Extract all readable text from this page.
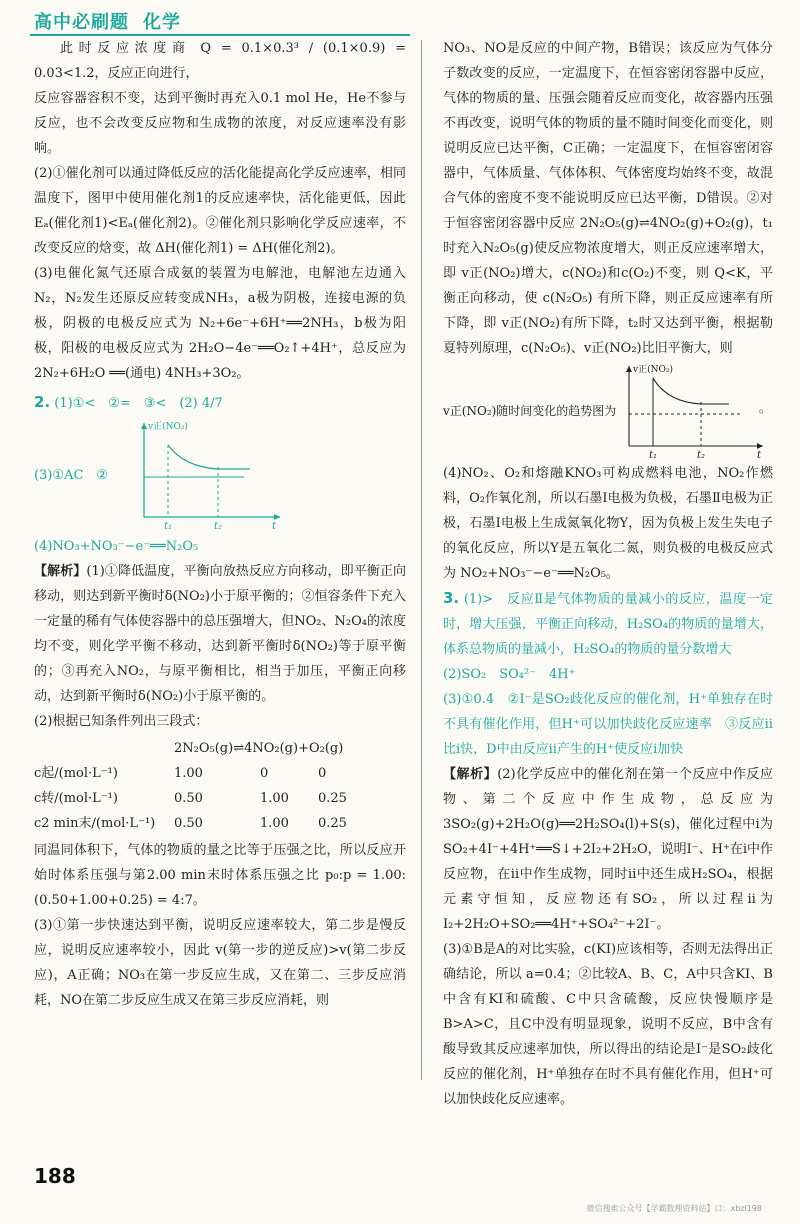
高中必刷题 化学

此时反应浓度商 Q = 0.1×0.3³ / (0.1×0.9) = 0.03<1.2，反应正向进行，

反应容器容积不变，达到平衡时再充入0.1 mol He，He不参与反应，也不会改变反应物和生成物的浓度，对反应速率没有影响。

(2)①催化剂可以通过降低反应的活化能提高化学反应速率，相同温度下，图甲中使用催化剂1的反应速率快，活化能更低，因此 Eₐ(催化剂1)<Eₐ(催化剂2)。②催化剂只影响化学反应速率，不改变反应的焓变，故 ΔH(催化剂1) = ΔH(催化剂2)。

(3)电催化氮气还原合成氨的装置为电解池，电解池左边通入N₂，N₂发生还原反应转变成NH₃，a极为阴极，连接电源的负极，阴极的电极反应式为 N₂+6e⁻+6H⁺══2NH₃，b极为阳极，阳极的电极反应式为 2H₂O−4e⁻══O₂↑+4H⁺，总反应为 2N₂+6H₂O ══(通电) 4NH₃+3O₂。

2. (1)①<　②=　③<　(2) 4/7

(3)①AC　②
v正(NO₂)
t
t₁	t₂

(4)NO₃+NO₃⁻−e⁻══N₂O₅

【解析】(1)①降低温度，平衡向放热反应方向移动，即平衡正向移动，则达到新平衡时δ(NO₂)小于原平衡的；②恒容条件下充入一定量的稀有气体使容器中的总压强增大，但NO₂、N₂O₄的浓度均不变，则化学平衡不移动，达到新平衡时δ(NO₂)等于原平衡的；③再充入NO₂，与原平衡相比，相当于加压，平衡正向移动，达到新平衡时δ(NO₂)小于原平衡的。

(2)根据已知条件列出三段式：

	2N₂O₅(g)⇌4NO₂(g)+O₂(g)		
c起/(mol·L⁻¹)	1.00	0	0
c转/(mol·L⁻¹)	0.50	1.00	0.25
c2 min末/(mol·L⁻¹)	0.50	1.00	0.25

同温同体积下，气体的物质的量之比等于压强之比，所以反应开始时体系压强与第2.00 min末时体系压强之比 p₀:p = 1.00:(0.50+1.00+0.25) = 4:7。

(3)①第一步快速达到平衡，说明反应速率较大，第二步是慢反应，说明反应速率较小，因此 v(第一步的逆反应)>v(第二步反应)，A正确；NO₃在第一步反应生成，又在第二、三步反应消耗，NO在第二步反应生成又在第三步反应消耗，则

NO₃、NO是反应的中间产物，B错误；该反应为气体分子数改变的反应，一定温度下，在恒容密闭容器中反应，气体的物质的量、压强会随着反应而变化，故容器内压强不再改变，说明气体的物质的量不随时间变化而变化，则说明反应已达平衡，C正确；一定温度下，在恒容密闭容器中，气体质量、气体体积、气体密度均始终不变，故混合气体的密度不变不能说明反应已达平衡，D错误。②对于恒容密闭容器中反应 2N₂O₅(g)⇌4NO₂(g)+O₂(g)，t₁时充入N₂O₅(g)使反应物浓度增大，则正反应速率增大，即 v正(NO₂)增大，c(NO₂)和c(O₂)不变，则 Q<K，平衡正向移动，使 c(N₂O₅) 有所下降，则正反应速率有所下降，即 v正(NO₂)有所下降，t₂时又达到平衡，根据勒夏特列原理，c(N₂O₅)、v正(NO₂)比旧平衡大，则

v正(NO₂)随时间变化的趋势图为
v正(NO₂)
t
t₁	t₂
。

(4)NO₂、O₂和熔融KNO₃可构成燃料电池，NO₂作燃料，O₂作氧化剂，所以石墨Ⅰ电极为负极，石墨Ⅱ电极为正极，石墨Ⅰ电极上生成氮氧化物Y，因为负极上发生失电子的氧化反应，所以Y是五氧化二氮，则负极的电极反应式为 NO₂+NO₃⁻−e⁻══N₂O₅。

3. (1)>　反应Ⅱ是气体物质的量减小的反应，温度一定时，增大压强，平衡正向移动，H₂SO₄的物质的量增大，体系总物质的量减小，H₂SO₄的物质的量分数增大

(2)SO₂　SO₄²⁻　4H⁺

(3)①0.4　②I⁻是SO₂歧化反应的催化剂，H⁺单独存在时不具有催化作用，但H⁺可以加快歧化反应速率　③反应ⅱ比ⅰ快，D中由反应ⅱ产生的H⁺使反应ⅰ加快

【解析】(2)化学反应中的催化剂在第一个反应中作反应物、第二个反应中作生成物，总反应为 3SO₂(g)+2H₂O(g)══2H₂SO₄(l)+S(s)，催化过程中ⅰ为 SO₂+4I⁻+4H⁺══S↓+2I₂+2H₂O，说明I⁻、H⁺在ⅰ中作反应物，在ⅱ中作生成物，同时ⅱ中还生成H₂SO₄，根据元素守恒知，反应物还有SO₂，所以过程ⅱ为 I₂+2H₂O+SO₂══4H⁺+SO₄²⁻+2I⁻。

(3)①B是A的对比实验，c(KI)应该相等，否则无法得出正确结论，所以 a=0.4；②比较A、B、C，A中只含KI、B中含有KI和硫酸、C中只含硫酸，反应快慢顺序是B>A>C，且C中没有明显现象，说明不反应，B中含有酸导致其反应速率加快，所以得出的结论是I⁻是SO₂歧化反应的催化剂，H⁺单独存在时不具有催化作用，但H⁺可以加快歧化反应速率。

188
微信搜索公众号【学霸数理资料站】口：xbzl198
